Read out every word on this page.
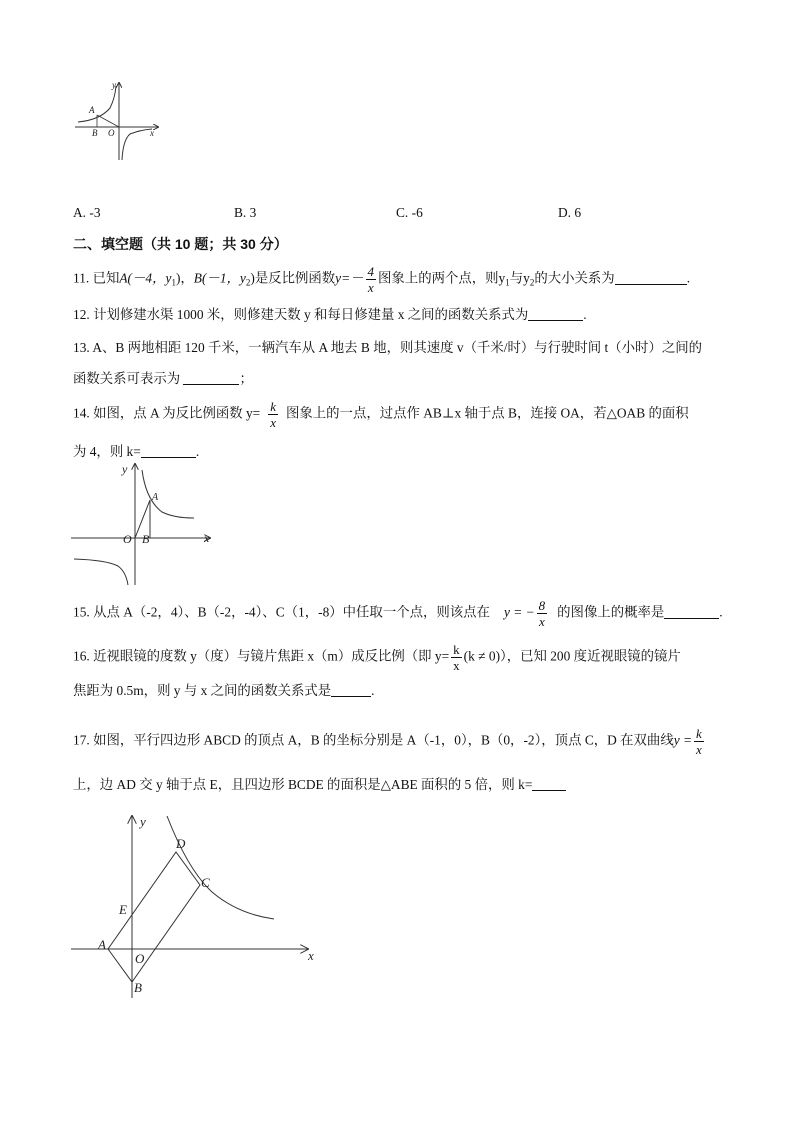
y
x
A
B O
A. -3	B. 3	C. -6	D. 6
二、填空题（共 10 题；共 30 分）
11. 已知A(－4，$y_1$)，B(－1，$y_2$)是反比例函数$y=- \frac{4}{x}$ 图象上的两个点，则$y_1$与$y_2$的大小关系为	.
12. 计划修建水渠 1000 米，则修建天数 y 和每日修建量 x 之间的函数关系式为	.
13. A、B 两地相距 120 千米，一辆汽车从 A 地去 B 地，则其速度 v（千米/时）与行驶时间 t（小时）之间的
函数关系可表示为	；
14. 如图，点 A 为反比例函数 $y= \frac{k}{x}$ 图象上的一点，过点作 AB⊥x 轴于点 B，连接 OA，若△OAB 的面积
为 4，则 k=	.
y
x
A
B
O
15. 从点 A（-2，4）、B（-2，-4）、C（1，-8）中任取一个点，则该点在 y = − $\frac{8}{x}$ 的图像上的概率是	.
16. 近视眼镜的度数 y（度）与镜片焦距 x（m）成反比例（即 $y= \frac{k}{x} (k \ne 0)$），已知 200 度近视眼镜的镜片
焦距为 0.5m，则 y 与 x 之间的函数关系式是	.
17. 如图，平行四边形 ABCD 的顶点 A，B 的坐标分别是 A（-1，0），B（0，-2），顶点 C，D 在双曲线$y = \frac{k}{x}$
上，边 AD 交 y 轴于点 E，且四边形 BCDE 的面积是△ABE 面积的 5 倍，则 k=
y
x
A
B
C
D
E
O
